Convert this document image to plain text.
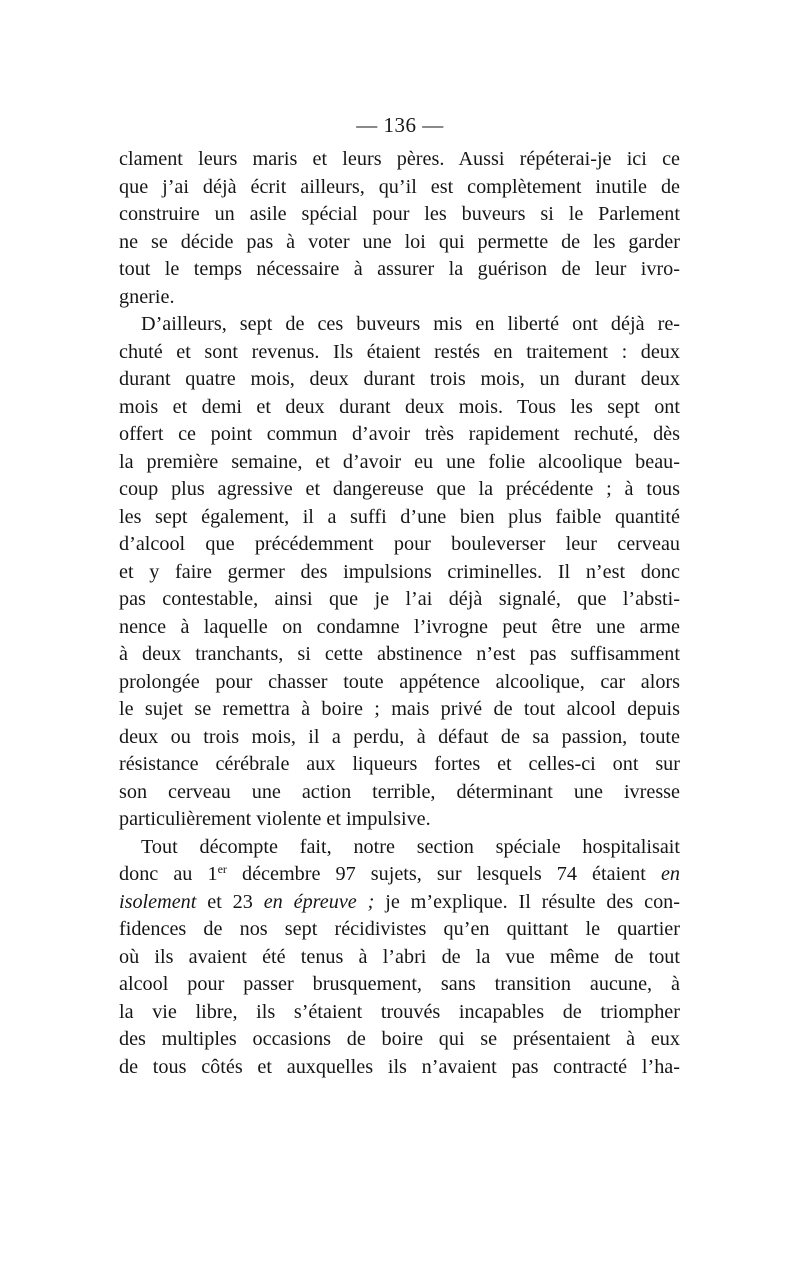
— 136 —
clament leurs maris et leurs pères. Aussi répéterai-je ici ce
que j’ai déjà écrit ailleurs, qu’il est complètement inutile de
construire un asile spécial pour les buveurs si le Parlement
ne se décide pas à voter une loi qui permette de les garder
tout le temps nécessaire à assurer la guérison de leur ivro-
gnerie.
D’ailleurs, sept de ces buveurs mis en liberté ont déjà re-
chuté et sont revenus. Ils étaient restés en traitement : deux
durant quatre mois, deux durant trois mois, un durant deux
mois et demi et deux durant deux mois. Tous les sept ont
offert ce point commun d’avoir très rapidement rechuté, dès
la première semaine, et d’avoir eu une folie alcoolique beau-
coup plus agressive et dangereuse que la précédente ; à tous
les sept également, il a suffi d’une bien plus faible quantité
d’alcool que précédemment pour bouleverser leur cerveau
et y faire germer des impulsions criminelles. Il n’est donc
pas contestable, ainsi que je l’ai déjà signalé, que l’absti-
nence à laquelle on condamne l’ivrogne peut être une arme
à deux tranchants, si cette abstinence n’est pas suffisamment
prolongée pour chasser toute appétence alcoolique, car alors
le sujet se remettra à boire ; mais privé de tout alcool depuis
deux ou trois mois, il a perdu, à défaut de sa passion, toute
résistance cérébrale aux liqueurs fortes et celles-ci ont sur
son cerveau une action terrible, déterminant une ivresse
particulièrement violente et impulsive.
Tout décompte fait, notre section spéciale hospitalisait
donc au 1er décembre 97 sujets, sur lesquels 74 étaient en
isolement et 23 en épreuve ; je m’explique. Il résulte des con-
fidences de nos sept récidivistes qu’en quittant le quartier
où ils avaient été tenus à l’abri de la vue même de tout
alcool pour passer brusquement, sans transition aucune, à
la vie libre, ils s’étaient trouvés incapables de triompher
des multiples occasions de boire qui se présentaient à eux
de tous côtés et auxquelles ils n’avaient pas contracté l’ha-
